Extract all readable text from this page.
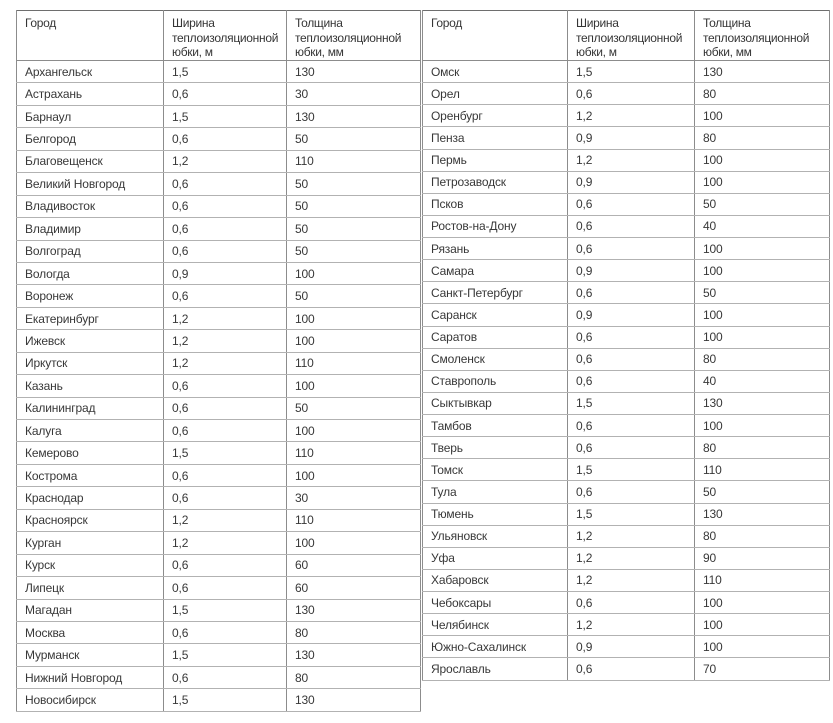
Город	Ширина теплоизоляционной юбки, м	Толщина теплоизоляционной юбки, мм
Архангельск	1,5	130
Астрахань	0,6	30
Барнаул	1,5	130
Белгород	0,6	50
Благовещенск	1,2	110
Великий Новгород	0,6	50
Владивосток	0,6	50
Владимир	0,6	50
Волгоград	0,6	50
Вологда	0,9	100
Воронеж	0,6	50
Екатеринбург	1,2	100
Ижевск	1,2	100
Иркутск	1,2	110
Казань	0,6	100
Калининград	0,6	50
Калуга	0,6	100
Кемерово	1,5	110
Кострома	0,6	100
Краснодар	0,6	30
Красноярск	1,2	110
Курган	1,2	100
Курск	0,6	60
Липецк	0,6	60
Магадан	1,5	130
Москва	0,6	80
Мурманск	1,5	130
Нижний Новгород	0,6	80
Новосибирск	1,5	130
Город	Ширина теплоизоляционной юбки, м	Толщина теплоизоляционной юбки, мм
Омск	1,5	130
Орел	0,6	80
Оренбург	1,2	100
Пенза	0,9	80
Пермь	1,2	100
Петрозаводск	0,9	100
Псков	0,6	50
Ростов-на-Дону	0,6	40
Рязань	0,6	100
Самара	0,9	100
Санкт-Петербург	0,6	50
Саранск	0,9	100
Саратов	0,6	100
Смоленск	0,6	80
Ставрополь	0,6	40
Сыктывкар	1,5	130
Тамбов	0,6	100
Тверь	0,6	80
Томск	1,5	110
Тула	0,6	50
Тюмень	1,5	130
Ульяновск	1,2	80
Уфа	1,2	90
Хабаровск	1,2	110
Чебоксары	0,6	100
Челябинск	1,2	100
Южно-Сахалинск	0,9	100
Ярославль	0,6	70
